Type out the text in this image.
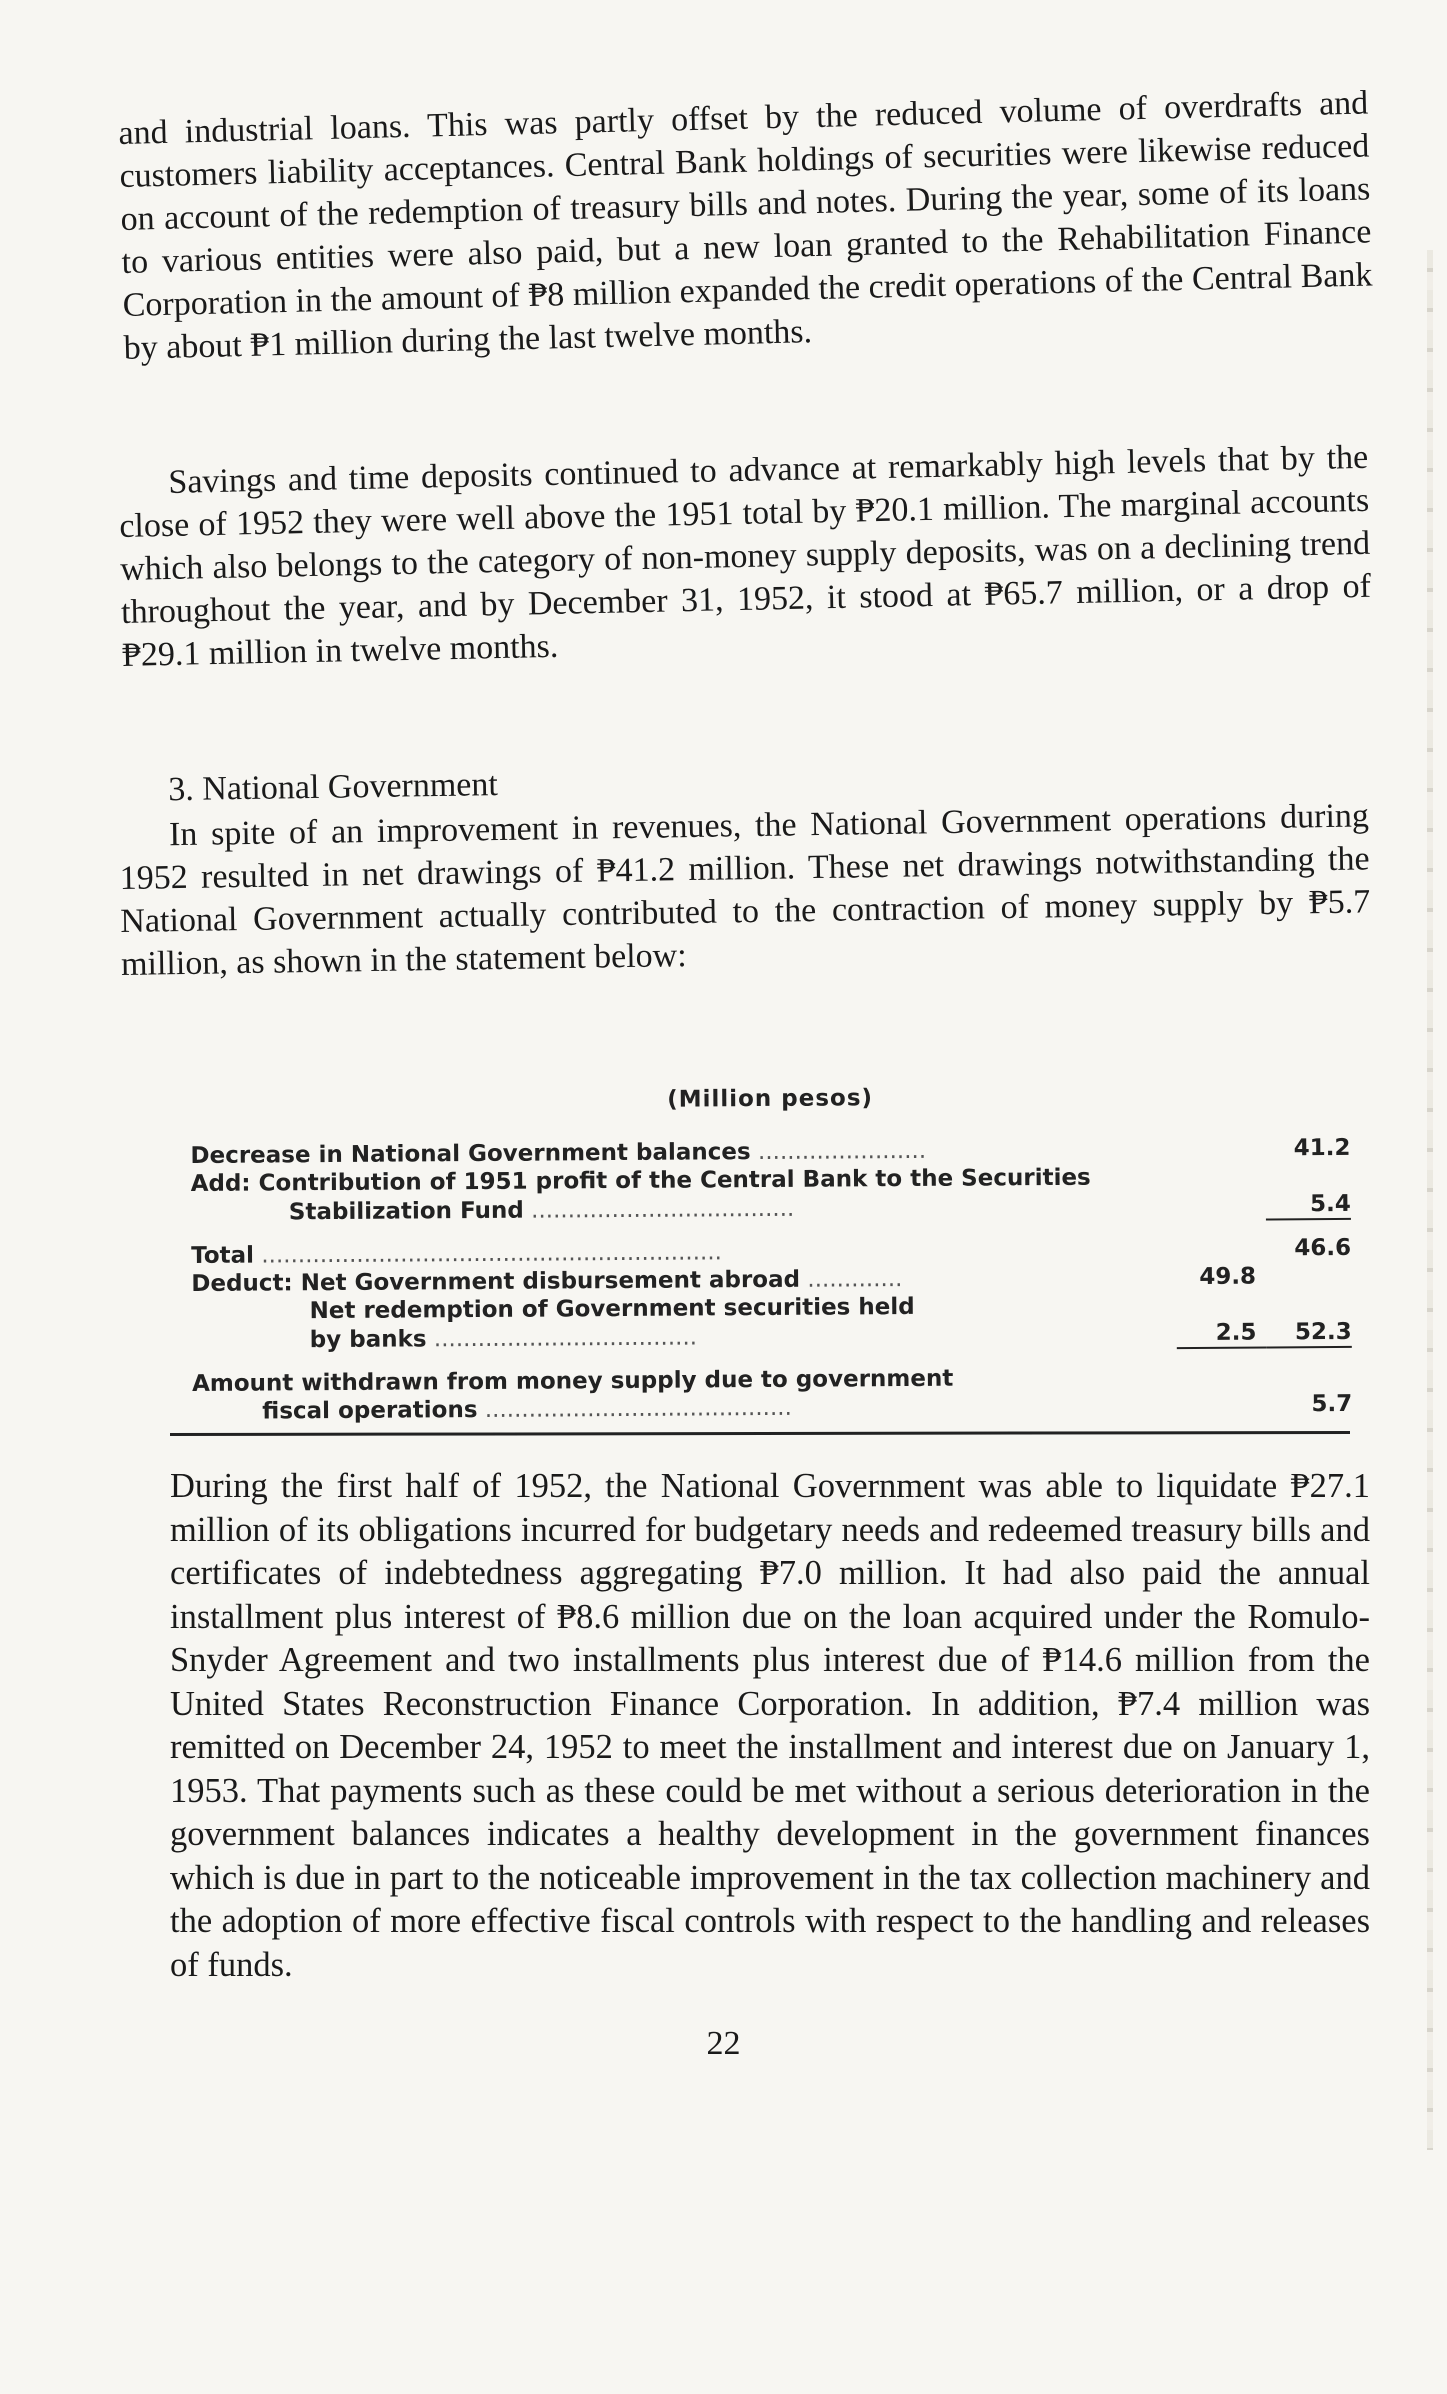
and industrial loans. This was partly offset by the reduced volume of overdrafts and customers liability acceptances. Central Bank holdings of securities were likewise reduced on account of the redemption of treasury bills and notes. During the year, some of its loans to various entities were also paid, but a new loan granted to the Rehabilitation Finance Corporation in the amount of ₱8 million expanded the credit operations of the Central Bank by about ₱1 million during the last twelve months.

Savings and time deposits continued to advance at remarkably high levels that by the close of 1952 they were well above the 1951 total by ₱20.1 million. The marginal accounts which also belongs to the category of non-money supply deposits, was on a declining trend throughout the year, and by December 31, 1952, it stood at ₱65.7 million, or a drop of ₱29.1 million in twelve months.

3. National Government

In spite of an improvement in revenues, the National Government operations during 1952 resulted in net drawings of ₱41.2 million. These net drawings notwithstanding the National Government actually contributed to the contraction of money supply by ₱5.7 million, as shown in the statement below:

(Million pesos)
Decrease in National Government balances .......................		41.2
Add: Contribution of 1951 profit of the Central Bank to the Securities		
Stabilization Fund ....................................		5.4

Total ...............................................................		46.6
Deduct: Net Government disbursement abroad .............	49.8	
Net redemption of Government securities held		
by banks ....................................	2.5	52.3

Amount withdrawn from money supply due to government		
fiscal operations ..........................................		5.7

During the first half of 1952, the National Government was able to liquidate ₱27.1 million of its obligations incurred for budgetary needs and redeemed treasury bills and certificates of indebtedness aggregating ₱7.0 million. It had also paid the annual installment plus interest of ₱8.6 million due on the loan acquired under the Romulo-Snyder Agreement and two installments plus interest due of ₱14.6 million from the United States Reconstruction Finance Corporation. In addition, ₱7.4 million was remitted on December 24, 1952 to meet the installment and interest due on January 1, 1953. That payments such as these could be met without a serious deterioration in the government balances indicates a healthy development in the government finances which is due in part to the noticeable improvement in the tax collection machinery and the adoption of more effective fiscal controls with respect to the handling and releases of funds.

22
